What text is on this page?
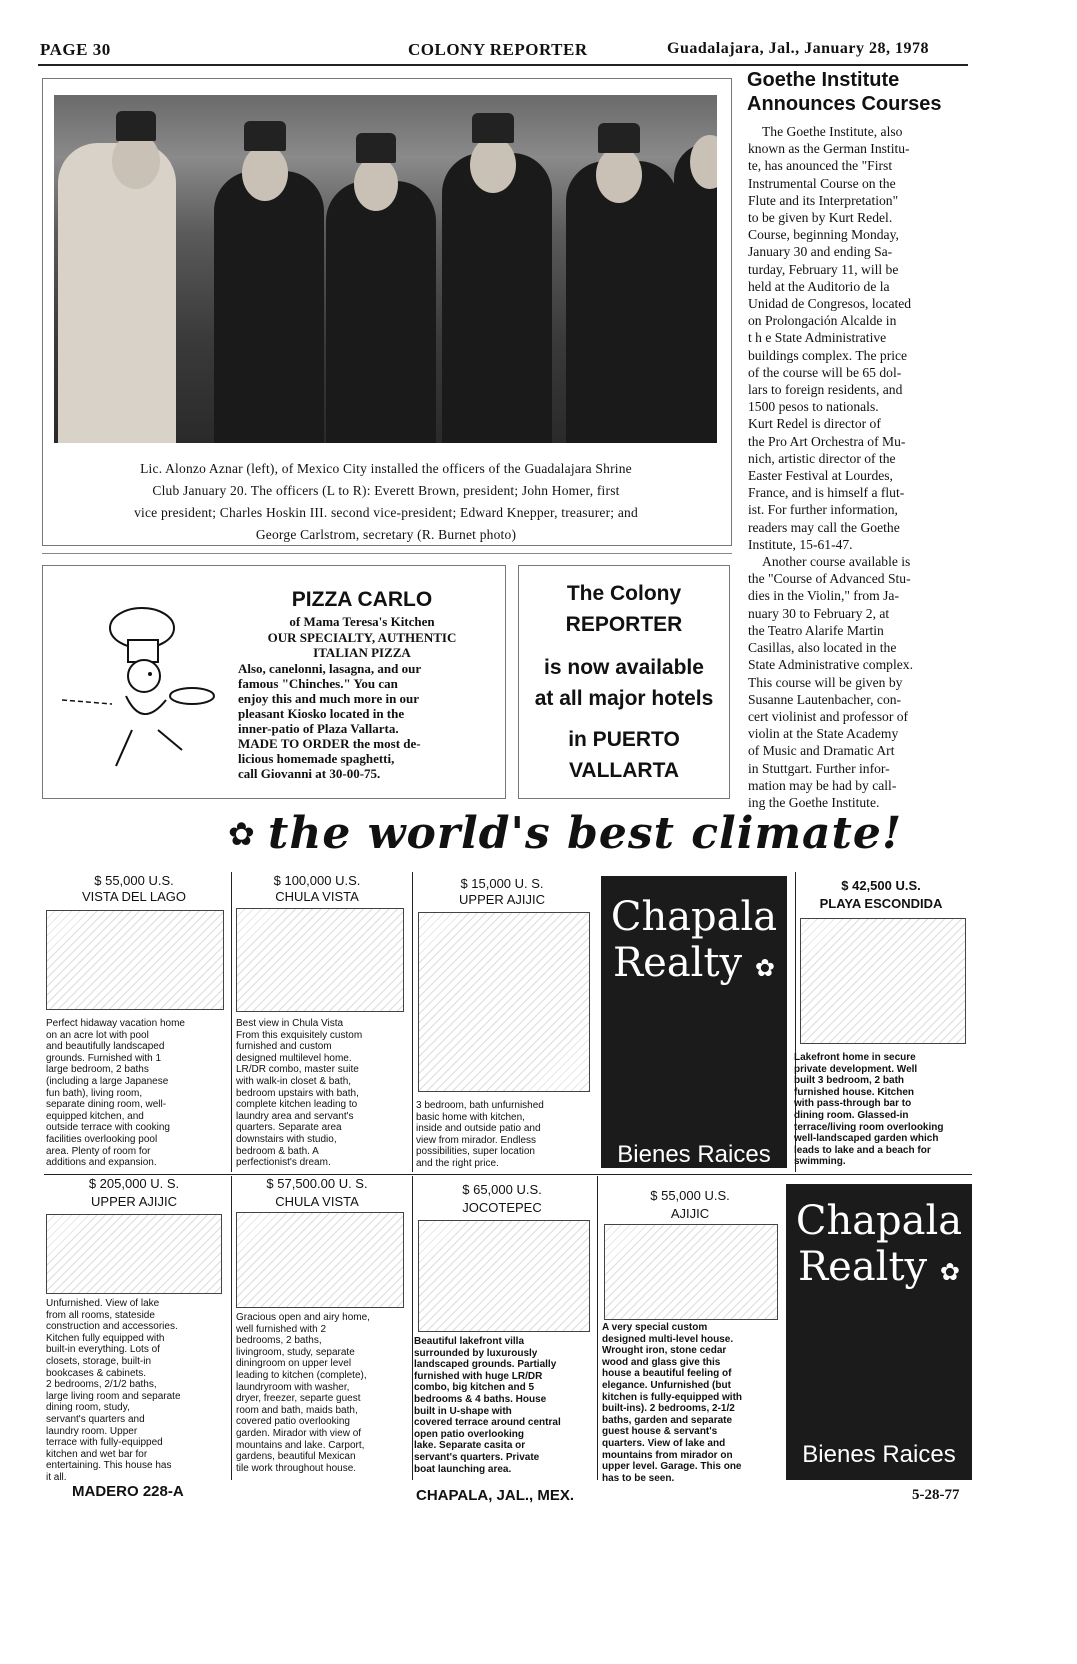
PAGE 30	COLONY REPORTER	Guadalajara, Jal., January 28, 1978
Lic. Alonzo Aznar (left), of Mexico City installed the officers of the Guadalajara Shrine
Club January 20. The officers (L to R): Everett Brown, president; John Homer, first
vice president; Charles Hoskin III. second vice-president; Edward Knepper, treasurer; and
George Carlstrom, secretary (R. Burnet photo)
Goethe Institute
Announces Courses
The Goethe Institute, also
known as the German Institu-
te, has anounced the "First
Instrumental Course on the
Flute and its Interpretation"
to be given by Kurt Redel.
Course, beginning Monday,
January 30 and ending Sa-
turday, February 11, will be
held at the Auditorio de la
Unidad de Congresos, located
on Prolongación Alcalde in
t h e State Administrative
buildings complex. The price
of the course will be 65 dol-
lars to foreign residents, and
1500 pesos to nationals.
Kurt Redel is director of
the Pro Art Orchestra of Mu-
nich, artistic director of the
Easter Festival at Lourdes,
France, and is himself a flut-
ist. For further information,
readers may call the Goethe
Institute, 15-61-47.
Another course available is
the "Course of Advanced Stu-
dies in the Violin," from Ja-
nuary 30 to February 2, at
the Teatro Alarife Martin
Casillas, also located in the
State Administrative complex.
This course will be given by
Susanne Lautenbacher, con-
cert violinist and professor of
violin at the State Academy
of Music and Dramatic Art
in Stuttgart. Further infor-
mation may be had by call-
ing the Goethe Institute.
PIZZA CARLO
of Mama Teresa's Kitchen
OUR SPECIALTY, AUTHENTIC
ITALIAN PIZZA
Also, canelonni, lasagna, and our
famous "Chinches." You can
enjoy this and much more in our
pleasant Kiosko located in the
inner-patio of Plaza Vallarta.
MADE TO ORDER the most de-
licious homemade spaghetti,
call Giovanni at 30-00-75.
The Colony
REPORTER
is now available
at all major hotels
in PUERTO
VALLARTA
✿ the world's best climate!
$ 55,000 U.S.
VISTA DEL LAGO
Perfect hidaway vacation home
on an acre lot with pool
and beautifully landscaped
grounds. Furnished with 1
large bedroom, 2 baths
(including a large Japanese
fun bath), living room,
separate dining room, well-
equipped kitchen, and
outside terrace with cooking
facilities overlooking pool
area. Plenty of room for
additions and expansion.
$ 100,000 U.S.
CHULA VISTA
Best view in Chula Vista
From this exquisitely custom
furnished and custom
designed multilevel home.
LR/DR combo, master suite
with walk-in closet & bath,
bedroom upstairs with bath,
complete kitchen leading to
laundry area and servant's
quarters. Separate area
downstairs with studio,
bedroom & bath. A
perfectionist's dream.
$ 15,000 U. S.
UPPER AJIJIC
3 bedroom, bath unfurnished
basic home with kitchen,
inside and outside patio and
view from mirador. Endless
possibilities, super location
and the right price.
Chapala
Realty ✿
Bienes Raices
$ 42,500 U.S.
PLAYA ESCONDIDA
Lakefront home in secure
private development. Well
built 3 bedroom, 2 bath
furnished house. Kitchen
with pass-through bar to
dining room. Glassed-in
terrace/living room overlooking
well-landscaped garden which
leads to lake and a beach for
swimming.
$ 205,000 U. S.
UPPER AJIJIC
Unfurnished. View of lake
from all rooms, stateside
construction and accessories.
Kitchen fully equipped with
built-in everything. Lots of
closets, storage, built-in
bookcases & cabinets.
2 bedrooms, 2/1/2 baths,
large living room and separate
dining room, study,
servant's quarters and
laundry room. Upper
terrace with fully-equipped
kitchen and wet bar for
entertaining. This house has
it all.
$ 57,500.00 U. S.
CHULA VISTA
Gracious open and airy home,
well furnished with 2
bedrooms, 2 baths,
livingroom, study, separate
diningroom on upper level
leading to kitchen (complete),
laundryroom with washer,
dryer, freezer, separte guest
room and bath, maids bath,
covered patio overlooking
garden. Mirador with view of
mountains and lake. Carport,
gardens, beautiful Mexican
tile work throughout house.
$ 65,000 U.S.
JOCOTEPEC
Beautiful lakefront villa
surrounded by luxurously
landscaped grounds. Partially
furnished with huge LR/DR
combo, big kitchen and 5
bedrooms & 4 baths. House
built in U-shape with
covered terrace around central
open patio overlooking
lake. Separate casita or
servant's quarters. Private
boat launching area.
$ 55,000 U.S.
AJIJIC
A very special custom
designed multi-level house.
Wrought iron, stone cedar
wood and glass give this
house a beautiful feeling of
elegance. Unfurnished (but
kitchen is fully-equipped with
built-ins). 2 bedrooms, 2-1/2
baths, garden and separate
guest house & servant's
quarters. View of lake and
mountains from mirador on
upper level. Garage. This one
has to be seen.
Chapala
Realty ✿
Bienes Raices
MADERO 228-A	CHAPALA, JAL., MEX.	5-28-77
